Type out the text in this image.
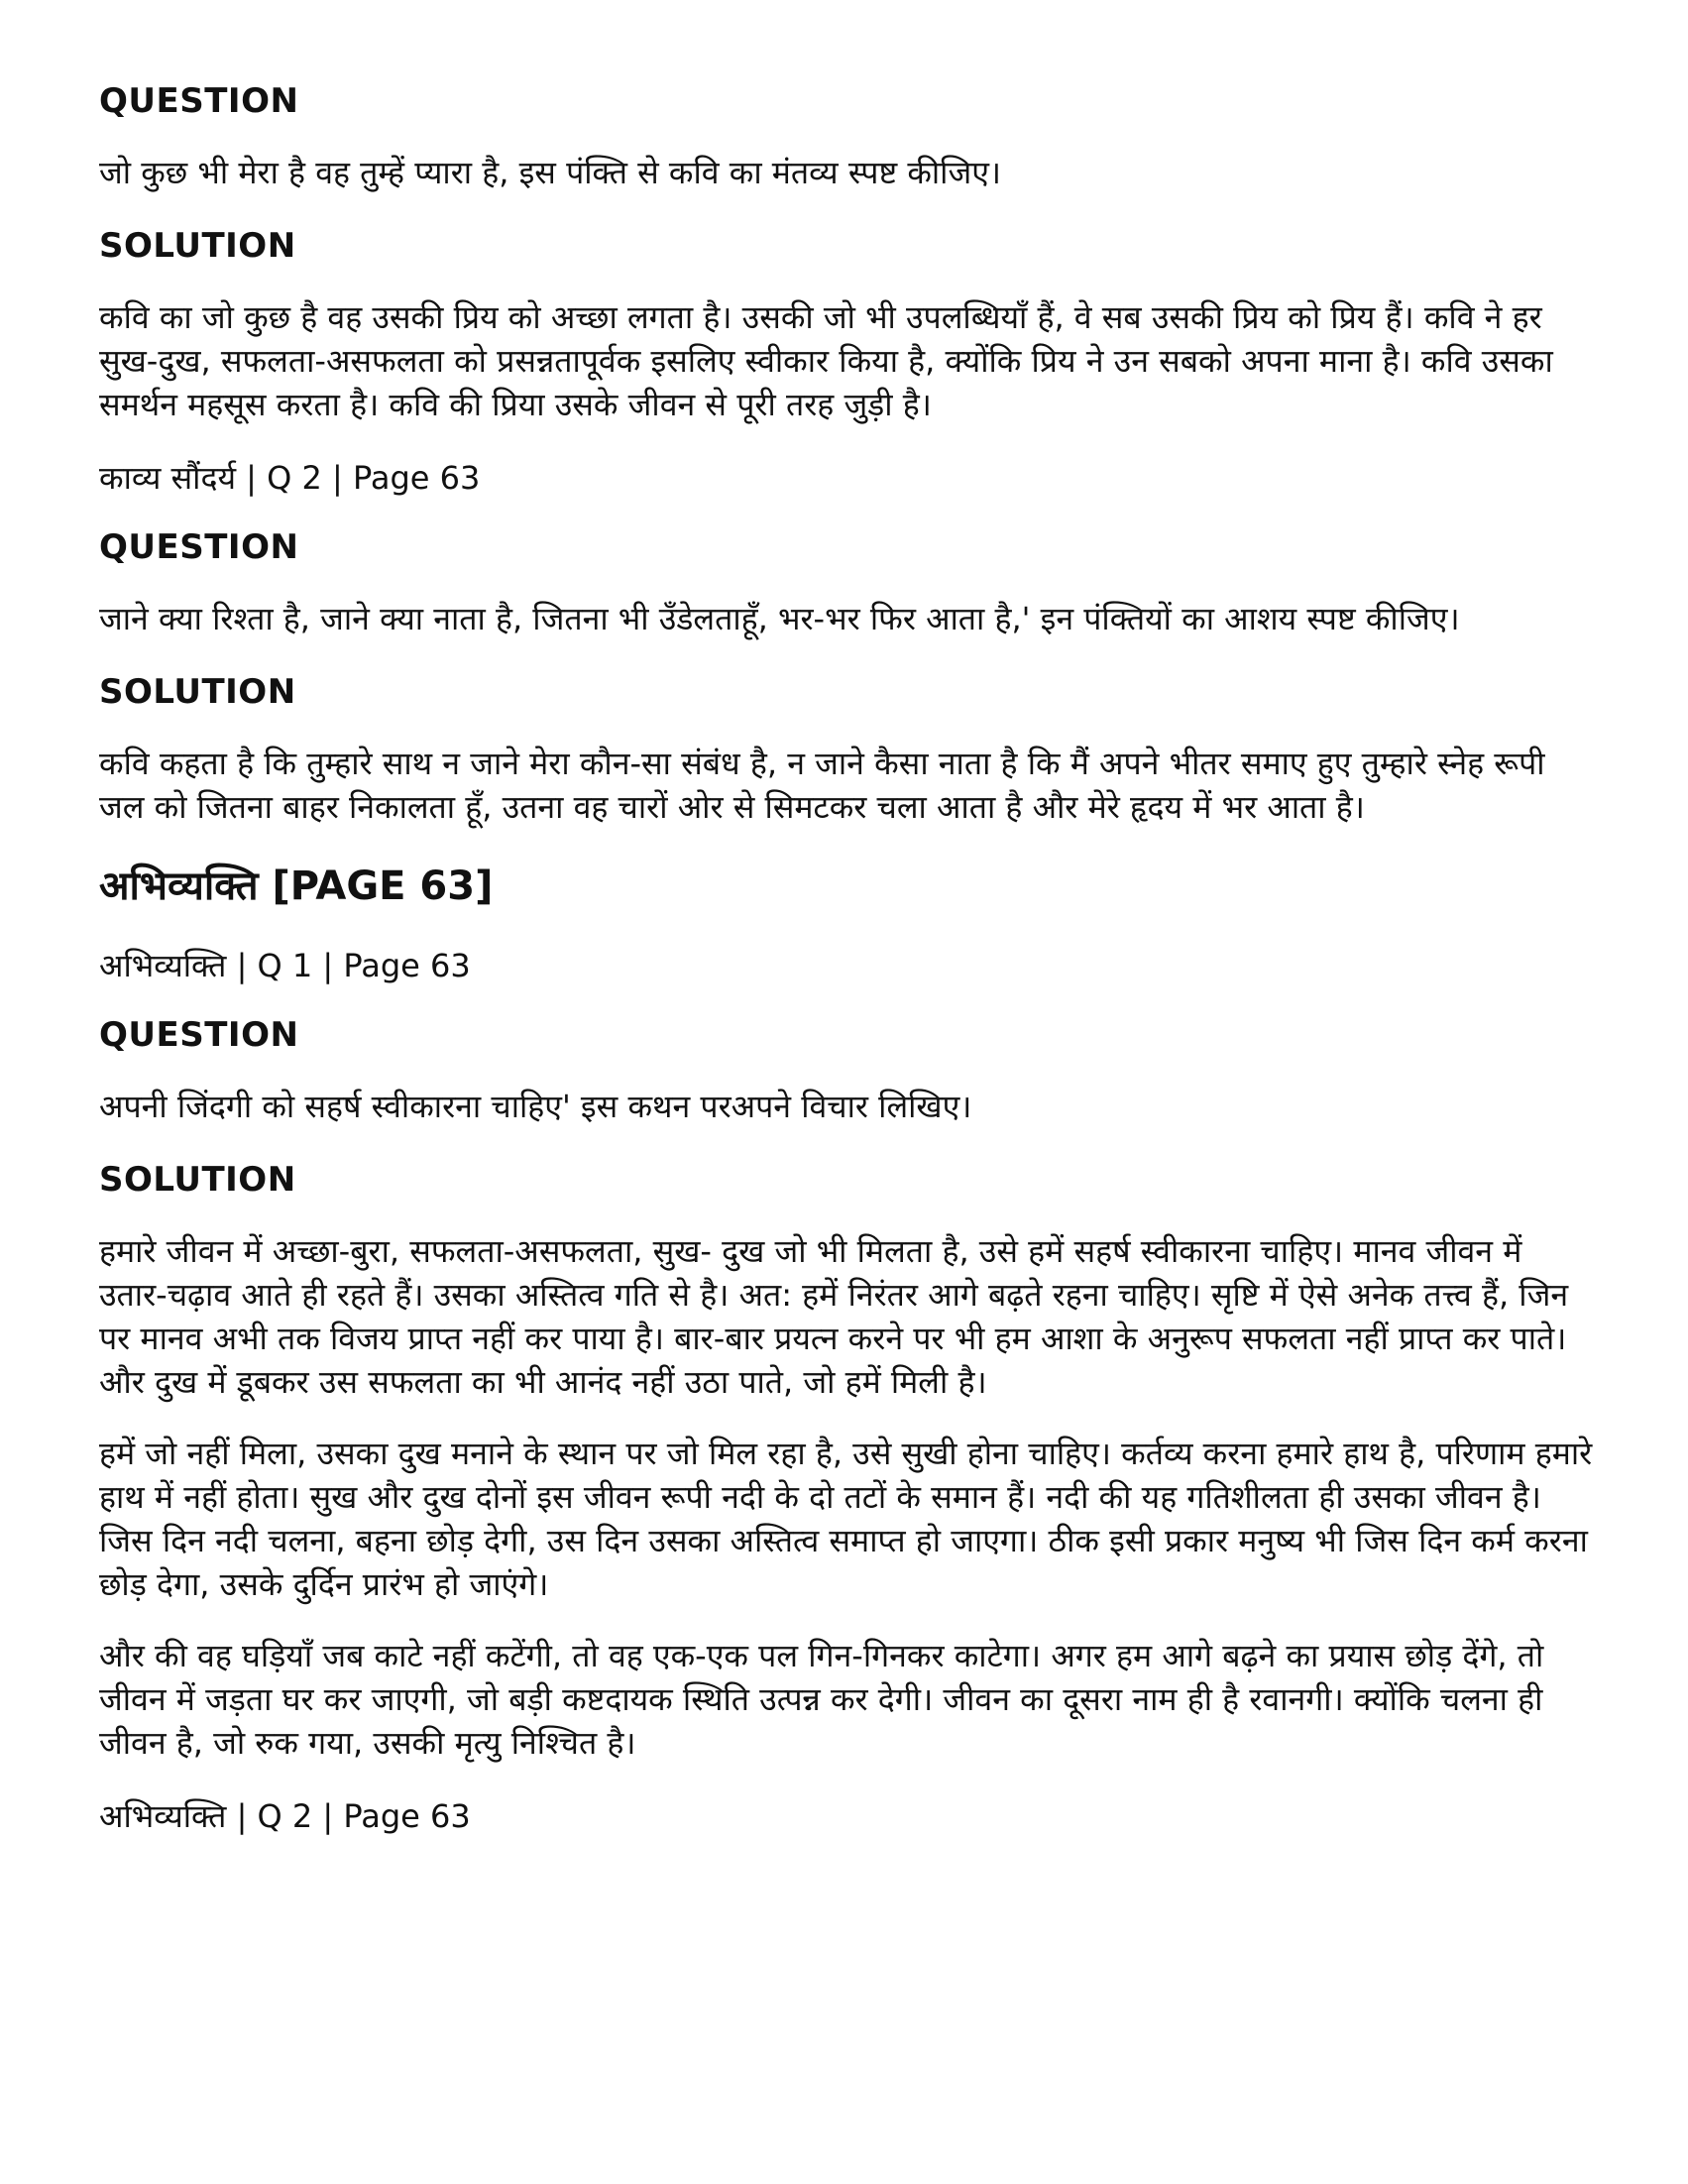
QUESTION

जो कुछ भी मेरा है वह तुम्हें प्यारा है, इस पंक्ति से कवि का मंतव्य स्पष्ट कीजिए।

SOLUTION

कवि का जो कुछ है वह उसकी प्रिय को अच्छा लगता है। उसकी जो भी उपलब्धियाँ हैं, वे सब उसकी प्रिय को प्रिय हैं। कवि ने हर सुख-दुख, सफलता-असफलता को प्रसन्नतापूर्वक इसलिए स्वीकार किया है, क्योंकि प्रिय ने उन सबको अपना माना है। कवि उसका समर्थन महसूस करता है। कवि की प्रिया उसके जीवन से पूरी तरह जुड़ी है।

काव्य सौंदर्य | Q 2 | Page 63

QUESTION

जाने क्या रिश्ता है, जाने क्या नाता है, जितना भी उँडेलताहूँ, भर-भर फिर आता है,' इन पंक्तियों का आशय स्पष्ट कीजिए।

SOLUTION

कवि कहता है कि तुम्हारे साथ न जाने मेरा कौन-सा संबंध है, न जाने कैसा नाता है कि मैं अपने भीतर समाए हुए तुम्हारे स्नेह रूपी जल को जितना बाहर निकालता हूँ, उतना वह चारों ओर से सिमटकर चला आता है और मेरे हृदय में भर आता है।

अभिव्यक्ति [PAGE 63]

अभिव्यक्ति | Q 1 | Page 63

QUESTION

अपनी जिंदगी को सहर्ष स्वीकारना चाहिए' इस कथन परअपने विचार लिखिए।

SOLUTION

हमारे जीवन में अच्छा-बुरा, सफलता-असफलता, सुख- दुख जो भी मिलता है, उसे हमें सहर्ष स्वीकारना चाहिए। मानव जीवन में उतार-चढ़ाव आते ही रहते हैं। उसका अस्तित्व गति से है। अत: हमें निरंतर आगे बढ़ते रहना चाहिए। सृष्टि में ऐसे अनेक तत्त्व हैं, जिन पर मानव अभी तक विजय प्राप्त नहीं कर पाया है। बार-बार प्रयत्न करने पर भी हम आशा के अनुरूप सफलता नहीं प्राप्त कर पाते। और दुख में डूबकर उस सफलता का भी आनंद नहीं उठा पाते, जो हमें मिली है।

हमें जो नहीं मिला, उसका दुख मनाने के स्थान पर जो मिल रहा है, उसे सुखी होना चाहिए। कर्तव्य करना हमारे हाथ है, परिणाम हमारे हाथ में नहीं होता। सुख और दुख दोनों इस जीवन रूपी नदी के दो तटों के समान हैं। नदी की यह गतिशीलता ही उसका जीवन है। जिस दिन नदी चलना, बहना छोड़ देगी, उस दिन उसका अस्तित्व समाप्त हो जाएगा। ठीक इसी प्रकार मनुष्य भी जिस दिन कर्म करना छोड़ देगा, उसके दुर्दिन प्रारंभ हो जाएंगे।

और की वह घड़ियाँ जब काटे नहीं कटेंगी, तो वह एक-एक पल गिन-गिनकर काटेगा। अगर हम आगे बढ़ने का प्रयास छोड़ देंगे, तो जीवन में जड़ता घर कर जाएगी, जो बड़ी कष्टदायक स्थिति उत्पन्न कर देगी। जीवन का दूसरा नाम ही है रवानगी। क्योंकि चलना ही जीवन है, जो रुक गया, उसकी मृत्यु निश्चित है।

अभिव्यक्ति | Q 2 | Page 63
